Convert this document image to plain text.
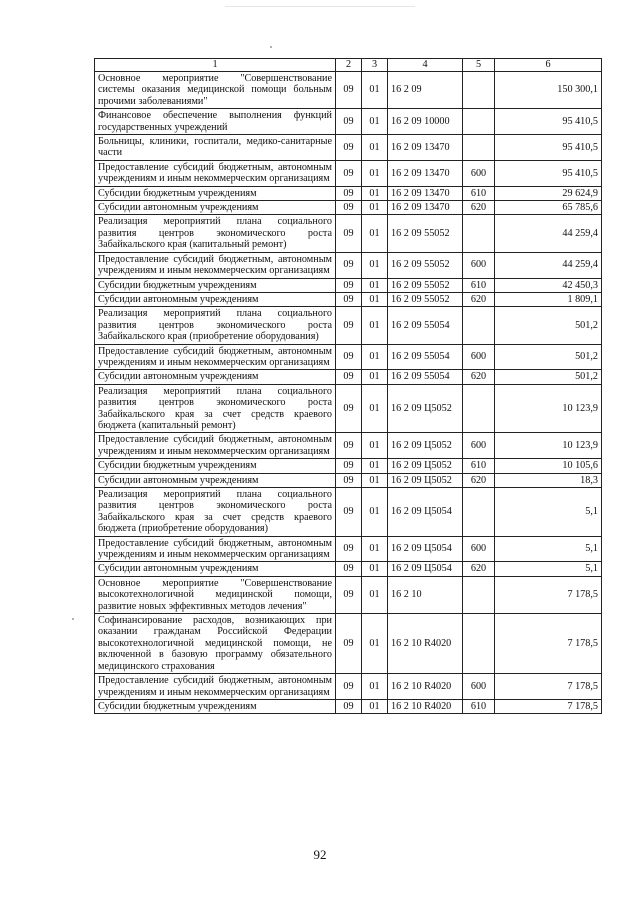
1	2	3	4	5	6
Основное мероприятие "Совершенствование системы оказания медицинской помощи больным прочими заболеваниями"	09	01	16 2 09		150 300,1
Финансовое обеспечение выполнения функций государственных учреждений	09	01	16 2 09 10000		95 410,5
Больницы, клиники, госпитали, медико-санитарные части	09	01	16 2 09 13470		95 410,5
Предоставление субсидий бюджетным, автономным учреждениям и иным некоммерческим организациям	09	01	16 2 09 13470	600	95 410,5
Субсидии бюджетным учреждениям	09	01	16 2 09 13470	610	29 624,9
Субсидии автономным учреждениям	09	01	16 2 09 13470	620	65 785,6
Реализация мероприятий плана социального развития центров экономического роста Забайкальского края (капитальный ремонт)	09	01	16 2 09 55052		44 259,4
Предоставление субсидий бюджетным, автономным учреждениям и иным некоммерческим организациям	09	01	16 2 09 55052	600	44 259,4
Субсидии бюджетным учреждениям	09	01	16 2 09 55052	610	42 450,3
Субсидии автономным учреждениям	09	01	16 2 09 55052	620	1 809,1
Реализация мероприятий плана социального развития центров экономического роста Забайкальского края (приобретение оборудования)	09	01	16 2 09 55054		501,2
Предоставление субсидий бюджетным, автономным учреждениям и иным некоммерческим организациям	09	01	16 2 09 55054	600	501,2
Субсидии автономным учреждениям	09	01	16 2 09 55054	620	501,2
Реализация мероприятий плана социального развития центров экономического роста Забайкальского края за счет средств краевого бюджета (капитальный ремонт)	09	01	16 2 09 Ц5052		10 123,9
Предоставление субсидий бюджетным, автономным учреждениям и иным некоммерческим организациям	09	01	16 2 09 Ц5052	600	10 123,9
Субсидии бюджетным учреждениям	09	01	16 2 09 Ц5052	610	10 105,6
Субсидии автономным учреждениям	09	01	16 2 09 Ц5052	620	18,3
Реализация мероприятий плана социального развития центров экономического роста Забайкальского края за счет средств краевого бюджета (приобретение оборудования)	09	01	16 2 09 Ц5054		5,1
Предоставление субсидий бюджетным, автономным учреждениям и иным некоммерческим организациям	09	01	16 2 09 Ц5054	600	5,1
Субсидии автономным учреждениям	09	01	16 2 09 Ц5054	620	5,1
Основное мероприятие "Совершенствование высокотехнологичной медицинской помощи, развитие новых эффективных методов лечения"	09	01	16 2 10		7 178,5
Софинансирование расходов, возникающих при оказании гражданам Российской Федерации высокотехнологичной медицинской помощи, не включенной в базовую программу обязательного медицинского страхования	09	01	16 2 10 R4020		7 178,5
Предоставление субсидий бюджетным, автономным учреждениям и иным некоммерческим организациям	09	01	16 2 10 R4020	600	7 178,5
Субсидии бюджетным учреждениям	09	01	16 2 10 R4020	610	7 178,5
92
